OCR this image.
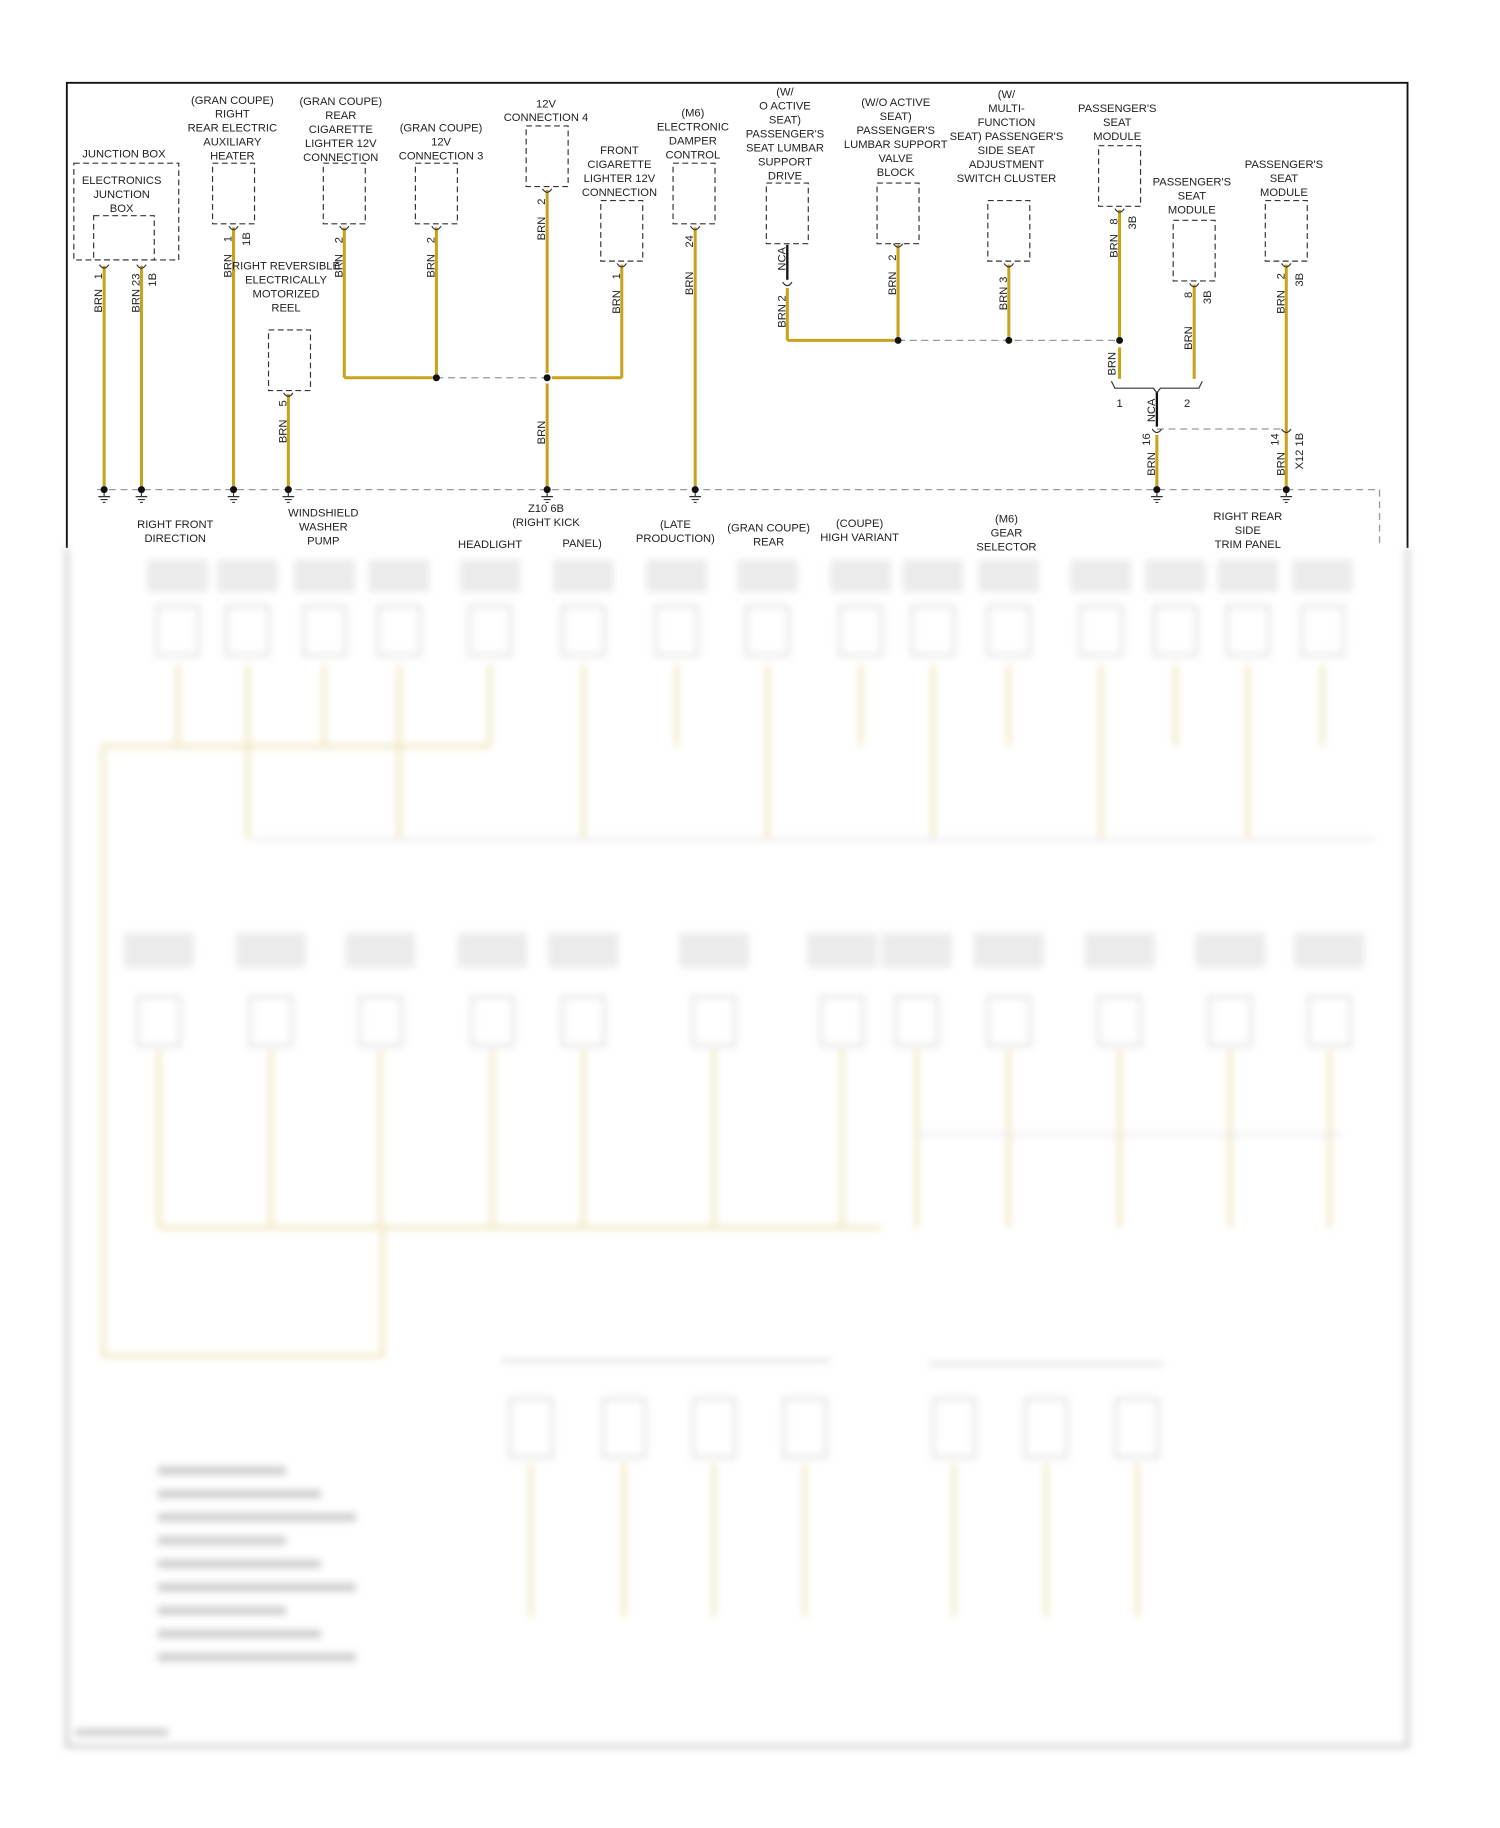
JUNCTION BOX
ELECTRONICS
JUNCTION
BOX
(GRAN COUPE)
RIGHT
REAR ELECTRIC
AUXILIARY
HEATER
(GRAN COUPE)
REAR
CIGARETTE
LIGHTER 12V
CONNECTION
(GRAN COUPE)
12V
CONNECTION 3
12V
CONNECTION 4
FRONT
CIGARETTE
LIGHTER 12V
CONNECTION
(M6)
ELECTRONIC
DAMPER
CONTROL
(W/
O ACTIVE
SEAT)
PASSENGER'S
SEAT LUMBAR
SUPPORT
DRIVE
(W/O ACTIVE
SEAT)
PASSENGER'S
LUMBAR SUPPORT
VALVE
BLOCK
(W/
MULTI-
FUNCTION
SEAT) PASSENGER'S
SIDE SEAT
ADJUSTMENT
SWITCH CLUSTER
PASSENGER'S
SEAT
MODULE
PASSENGER'S
SEAT
MODULE
PASSENGER'S
SEAT
MODULE
RIGHT REVERSIBLE
ELECTRICALLY
MOTORIZED
REEL
RIGHT FRONT
DIRECTION
WINDSHIELD
WASHER
PUMP
Z10 6B
(RIGHT KICK
HEADLIGHT	PANEL)
(LATE
PRODUCTION)
(GRAN COUPE)
REAR
(COUPE)
HIGH VARIANT
(M6)
GEAR
SELECTOR
RIGHT REAR
SIDE
TRIM PANEL
1
BRN
23
BRN
1B
1
BRN
1B
5
BRN
2
BRN
2
BRN
2
BRN
BRN
1
BRN
24
BRN
NCA
2
BRN
2
BRN	3
BRN
8 3B
BRN
BRN
8 3B
BRN
NCA
16
BRN
2 3B
BRN
14
BRN X12 1B
1	2
